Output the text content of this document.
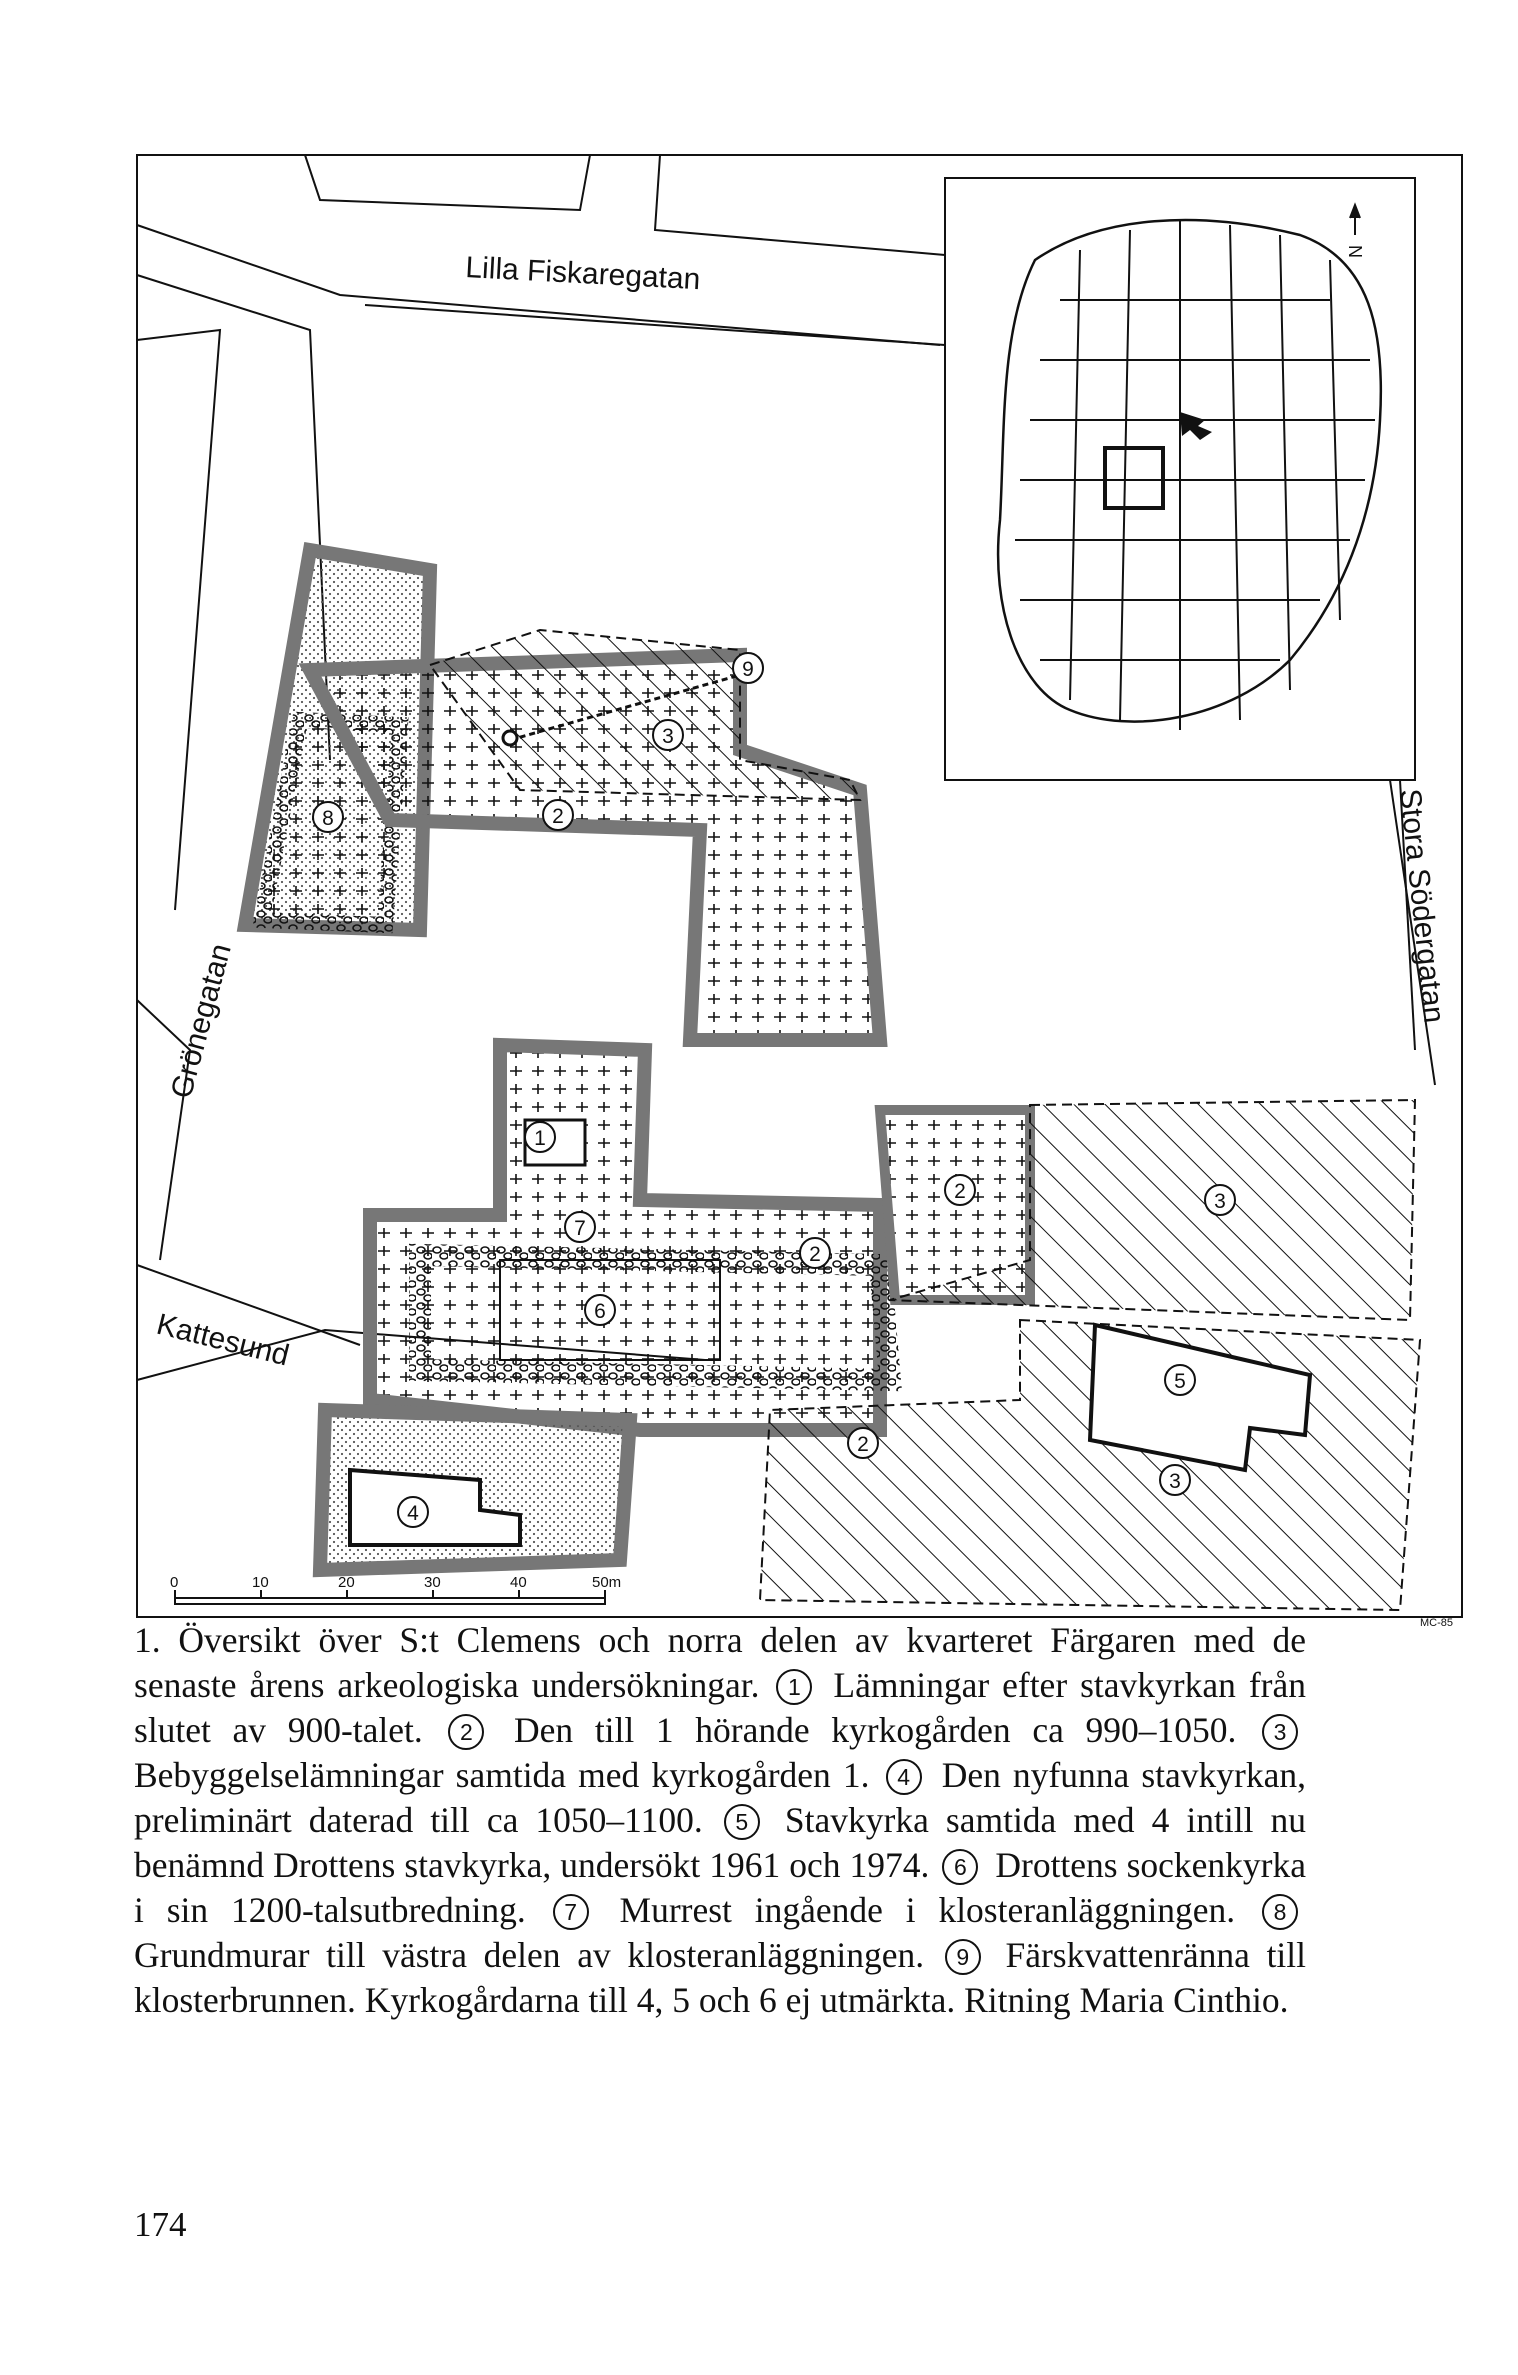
N
Lilla Fiskaregatan
Grönegatan
Kattesund
Stora Södergatan
1
2
2
2
2
3
3
3
4
5
6
7
8
9
0	10	20	30	40	50m
MC-85
1. Översikt över S:t Clemens och norra delen av kvarteret Färgaren med de senaste årens arkeologiska undersökningar. 1 Lämningar efter stavkyrkan från slutet av 900-talet. 2 Den till 1 hörande kyrkogården ca 990–1050. 3 Bebyggelselämningar samtida med kyrkogården 1. 4 Den nyfunna stavkyrkan, preliminärt daterad till ca 1050–1100. 5 Stavkyrka samtida med 4 intill nu benämnd Drottens stavkyrka, undersökt 1961 och 1974. 6 Drottens sockenkyrka i sin 1200-talsutbredning. 7 Murrest ingående i klosteranläggningen. 8 Grundmurar till västra delen av klosteranläggningen. 9 Färskvattenränna till klosterbrunnen. Kyrkogårdarna till 4, 5 och 6 ej utmärkta. Ritning Maria Cinthio.
174
